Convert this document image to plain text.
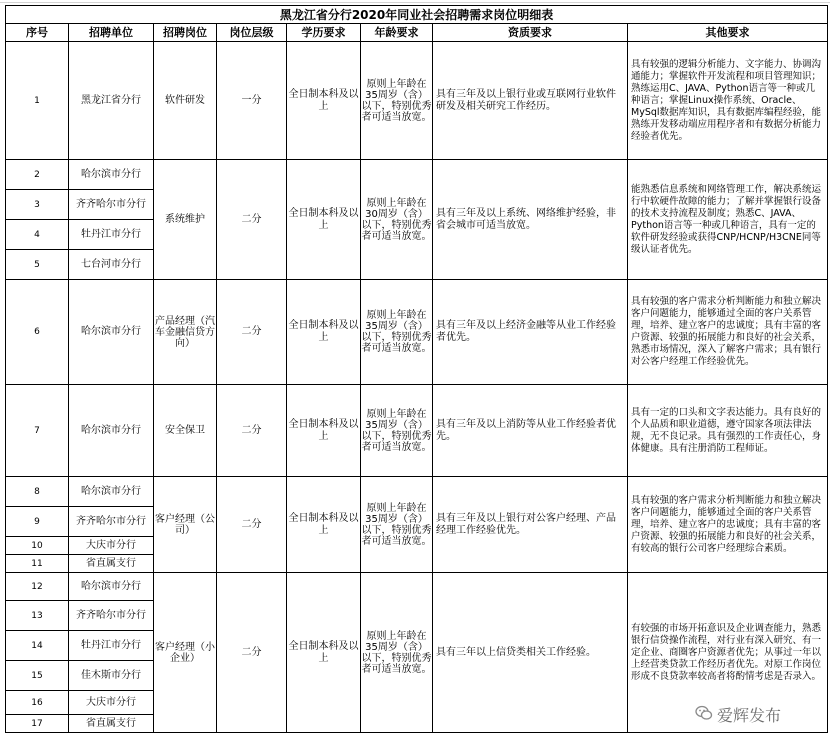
黑龙江省分行2020年同业社会招聘需求岗位明细表							
序号	招聘单位	招聘岗位	岗位层级	学历要求	年龄要求	资质要求	其他要求
1	黑龙江省分行	软件研发	一分	全日制本科及以上	原则上年龄在35周岁（含）以下，特别优秀者可适当放宽。	具有三年及以上银行业或互联网行业软件研发及相关研究工作经历。	具有较强的逻辑分析能力、文字能力、协调沟通能力；掌握软件开发流程和项目管理知识；熟练运用C、JAVA、Python语言等一种或几种语言；掌握Linux操作系统、Oracle、MySql数据库知识，具有数据库编程经验，能熟练开发移动端应用程序者和有数据分析能力经验者优先。
2	哈尔滨市分行	系统维护	二分	全日制本科及以上	原则上年龄在30周岁（含）以下，特别优秀者可适当放宽。	具有三年及以上系统、网络维护经验，非省会城市可适当放宽。	能熟悉信息系统和网络管理工作，解决系统运行中软硬件故障的能力；了解并掌握银行设备的技术支持流程及制度；熟悉C、JAVA、Python语言等一种或几种语言，具有一定的软件研发经验或获得CNP/HCNP/H3CNE同等级认证者优先。
3	齐齐哈尔市分行						
4	牡丹江市分行						
5	七台河市分行						
6	哈尔滨市分行	产品经理（汽车金融信贷方向）	二分	全日制本科及以上	原则上年龄在35周岁（含）以下，特别优秀者可适当放宽。	具有三年及以上经济金融等从业工作经验者优先。	具有较强的客户需求分析判断能力和独立解决客户问题能力，能够通过全面的客户关系管理，培养、建立客户的忠诚度；具有丰富的客户资源、较强的拓展能力和良好的社会关系，熟悉市场情况，深入了解客户需求；具有银行对公客户经理工作经验优先。
7	哈尔滨市分行	安全保卫	二分	全日制本科及以上	原则上年龄在35周岁（含）以下，特别优秀者可适当放宽。	具有三年及以上消防等从业工作经验者优先。	具有一定的口头和文字表达能力。具有良好的个人品质和职业道德，遵守国家各项法律法规，无不良记录。具有强烈的工作责任心，身体健康。具有注册消防工程师证。
8	哈尔滨市分行	客户经理（公司）	二分	全日制本科及以上	原则上年龄在35周岁（含）以下，特别优秀者可适当放宽。	具有三年及以上银行对公客户经理、产品经理工作经验优先。	具有较强的客户需求分析判断能力和独立解决客户问题能力，能够通过全面的客户关系管理，培养、建立客户的忠诚度；具有丰富的客户资源、较强的拓展能力和良好的社会关系，有较高的银行公司客户经理综合素质。
9	齐齐哈尔市分行						
10	大庆市分行						
11	省直属支行						
12	哈尔滨市分行	客户经理（小企业）	二分	全日制本科及以上	原则上年龄在35周岁（含）以下，特别优秀者可适当放宽。	具有三年以上信贷类相关工作经验。	有较强的市场开拓意识及企业调查能力，熟悉银行信贷操作流程，对行业有深入研究、有一定企业、商圈客户资源者优先；从事过一年以上经营类贷款工作经历者优先。对原工作岗位形成不良贷款率较高者将酌情考虑是否录入。
13	齐齐哈尔市分行						
14	牡丹江市分行						
15	佳木斯市分行						
16	大庆市分行						
17	省直属支行							爱辉发布
